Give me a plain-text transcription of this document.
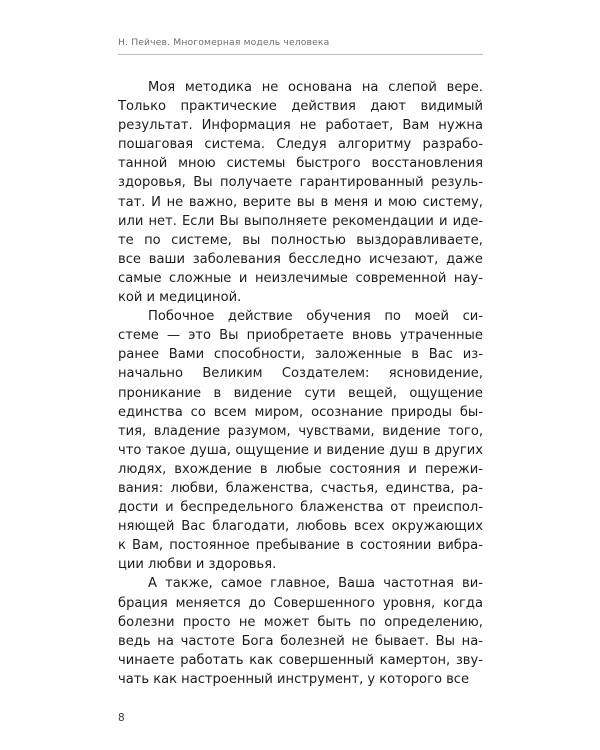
Н. Пейчев. Многомерная модель человека
Моя методика не основана на слепой вере.
Только практические действия дают видимый
результат. Информация не работает, Вам нужна
пошаговая система. Следуя алгоритму разрабо-
танной мною системы быстрого восстановления
здоровья, Вы получаете гарантированный резуль-
тат. И не важно, верите вы в меня и мою систему,
или нет. Если Вы выполняете рекомендации и иде-
те по системе, вы полностью выздоравливаете,
все ваши заболевания бесследно исчезают, даже
самые сложные и неизлечимые современной нау-
кой и медициной.
Побочное действие обучения по моей си-
стеме — это Вы приобретаете вновь утраченные
ранее Вами способности, заложенные в Вас из-
начально Великим Создателем: ясновидение,
проникание в видение сути вещей, ощущение
единства со всем миром, осознание природы бы-
тия, владение разумом, чувствами, видение того,
что такое душа, ощущение и видение душ в других
людях, вхождение в любые состояния и пережи-
вания: любви, блаженства, счастья, единства, ра-
дости и беспредельного блаженства от преиспол-
няющей Вас благодати, любовь всех окружающих
к Вам, постоянное пребывание в состоянии вибра-
ции любви и здоровья.
А также, самое главное, Ваша частотная ви-
брация меняется до Совершенного уровня, когда
болезни просто не может быть по определению,
ведь на частоте Бога болезней не бывает. Вы на-
чинаете работать как совершенный камертон, зву-
чать как настроенный инструмент, у которого все
8
